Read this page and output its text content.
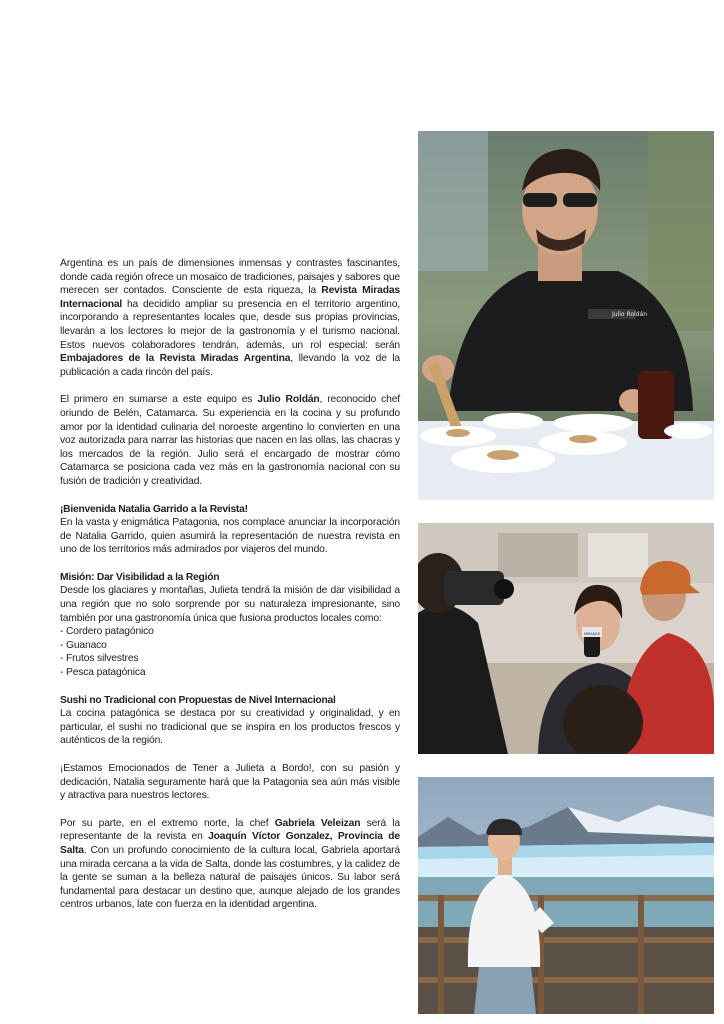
Argentina es un país de dimensiones inmensas y contrastes fascinantes, donde cada región ofrece un mosaico de tradiciones, paisajes y sabores que merecen ser contados. Consciente de esta riqueza, la Revista Miradas Internacional ha decidido ampliar su presencia en el territorio argentino, incorporando a representantes locales que, desde sus propias provincias, llevarán a los lectores lo mejor de la gastronomía y el turismo nacional. Estos nuevos colaboradores tendrán, además, un rol especial: serán Embajadores de la Revista Miradas Argentina, llevando la voz de la publicación a cada rincón del país.

El primero en sumarse a este equipo es Julio Roldán, reconocido chef oriundo de Belén, Catamarca. Su experiencia en la cocina y su profundo amor por la identidad culinaria del noroeste argentino lo convierten en una voz autorizada para narrar las historias que nacen en las ollas, las chacras y los mercados de la región. Julio será el encargado de mostrar cómo Catamarca se posiciona cada vez más en la gastronomía nacional con su fusión de tradición y creatividad.

¡Bienvenida Natalia Garrido a la Revista!

En la vasta y enigmática Patagonia, nos complace anunciar la incorporación de Natalia Garrido, quien asumirá la representación de nuestra revista en uno de los territorios más admirados por viajeros del mundo.

Misión: Dar Visibilidad a la Región

Desde los glaciares y montañas, Julieta tendrá la misión de dar visibilidad a una región que no solo sorprende por su naturaleza impresionante, sino también por una gastronomía única que fusiona productos locales como:

- Cordero patagónico
- Guanaco
- Frutos silvestres
- Pesca patagónica
Sushi no Tradicional con Propuestas de Nivel Internacional

La cocina patagónica se destaca por su creatividad y originalidad, y en particular, el sushi no tradicional que se inspira en los productos frescos y auténticos de la región.

¡Estamos Emocionados de Tener a Julieta a Bordo!, con su pasión y dedicación, Natalia seguramente hará que la Patagonia sea aún más visible y atractiva para nuestros lectores.

Por su parte, en el extremo norte, la chef Gabriela Veleizan será la representante de la revista en Joaquín Víctor Gonzalez, Provincia de Salta. Con un profundo conocimiento de la cultura local, Gabriela aportará una mirada cercana a la vida de Salta, donde las costumbres, y la calidez de la gente se suman a la belleza natural de paisajes únicos. Su labor será fundamental para destacar un destino que, aunque alejado de los grandes centros urbanos, late con fuerza en la identidad argentina.

Julio Roldán
MIRADAS
